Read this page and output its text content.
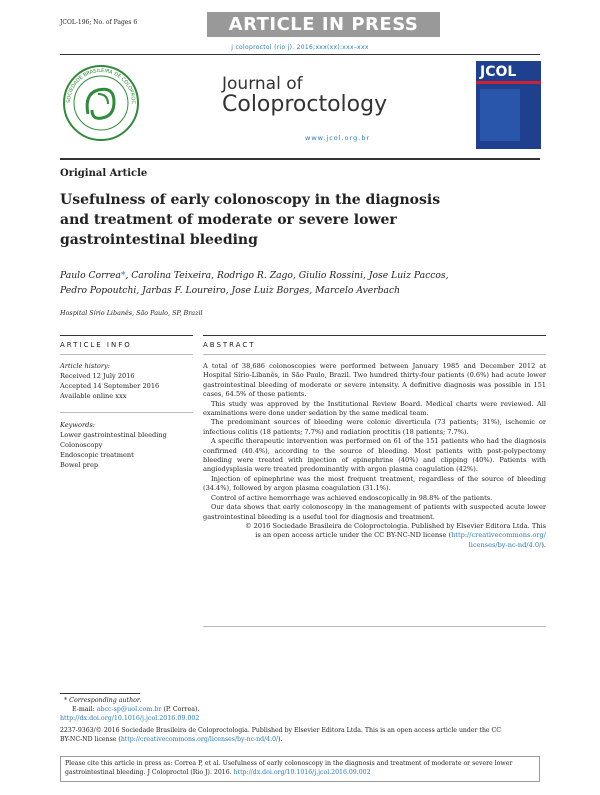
JCOL-196; No. of Pages 6	ARTICLE IN PRESS
j coloproctol (rio j). 2016;xxx(xx):xxx–xxx
SOCIEDADE BRASILEIRA DE COLOPROC
Journal of
Coloproctology
www.jcol.org.br
JCOL
Original Article
Usefulness of early colonoscopy in the diagnosis
and treatment of moderate or severe lower
gastrointestinal bleeding
Paulo Correa*, Carolina Teixeira, Rodrigo R. Zago, Giulio Rossini, Jose Luiz Paccos,
Pedro Popoutchi, Jarbas F. Loureiro, Jose Luiz Borges, Marcelo Averbach
Hospital Sírio Libanês, São Paulo, SP, Brazil
ARTICLE INFO
Article history:
Received 12 July 2016
Accepted 14 September 2016
Available online xxx
Keywords:
Lower gastrointestinal bleeding
Colonoscopy
Endoscopic treatment
Bowel prep
ABSTRACT
A total of 38,686 colonoscopies were performed between January 1985 and December 2012 at Hospital Sírio-Libanês, in São Paulo, Brazil. Two hundred thirty-four patients (0.6%) had acute lower gastrointestinal bleeding of moderate or severe intensity. A definitive diagnosis was possible in 151 cases, 64.5% of these patients.
This study was approved by the Institutional Review Board. Medical charts were reviewed. All examinations were done under sedation by the same medical team.
The predominant sources of bleeding were colonic diverticula (73 patients; 31%), ischemic or infectious colitis (18 patients; 7.7%) and radiation proctitis (18 patients; 7.7%).
A specific therapeutic intervention was performed on 61 of the 151 patients who had the diagnosis confirmed (40.4%), according to the source of bleeding. Most patients with post-polypectomy bleeding were treated with injection of epinephrine (40%) and clipping (40%). Patients with angiodysplasia were treated predominantly with argon plasma coagulation (42%).
Injection of epinephrine was the most frequent treatment, regardless of the source of bleeding (34.4%), followed by argon plasma coagulation (31.1%).
Control of active hemorrhage was achieved endoscopically in 98.8% of the patients.
Our data shows that early colonoscopy in the management of patients with suspected acute lower gastrointestinal bleeding is a useful tool for diagnosis and treatment.
© 2016 Sociedade Brasileira de Coloproctologia. Published by Elsevier Editora Ltda. This
is an open access article under the CC BY-NC-ND license (http://creativecommons.org/
licenses/by-nc-nd/4.0/).
* Corresponding author.
E-mail: abcc-sp@uol.com.br (P. Correa).
http://dx.doi.org/10.1016/j.jcol.2016.09.002
2237-9363/© 2016 Sociedade Brasileira de Coloproctologia. Published by Elsevier Editora Ltda. This is an open access article under the CC
BY-NC-ND license (http://creativecommons.org/licenses/by-nc-nd/4.0/).
Please cite this article in press as: Correa P, et al. Usefulness of early colonoscopy in the diagnosis and treatment of moderate or severe lower
gastrointestinal bleeding. J Coloproctol (Rio J). 2016. http://dx.doi.org/10.1016/j.jcol.2016.09.002
